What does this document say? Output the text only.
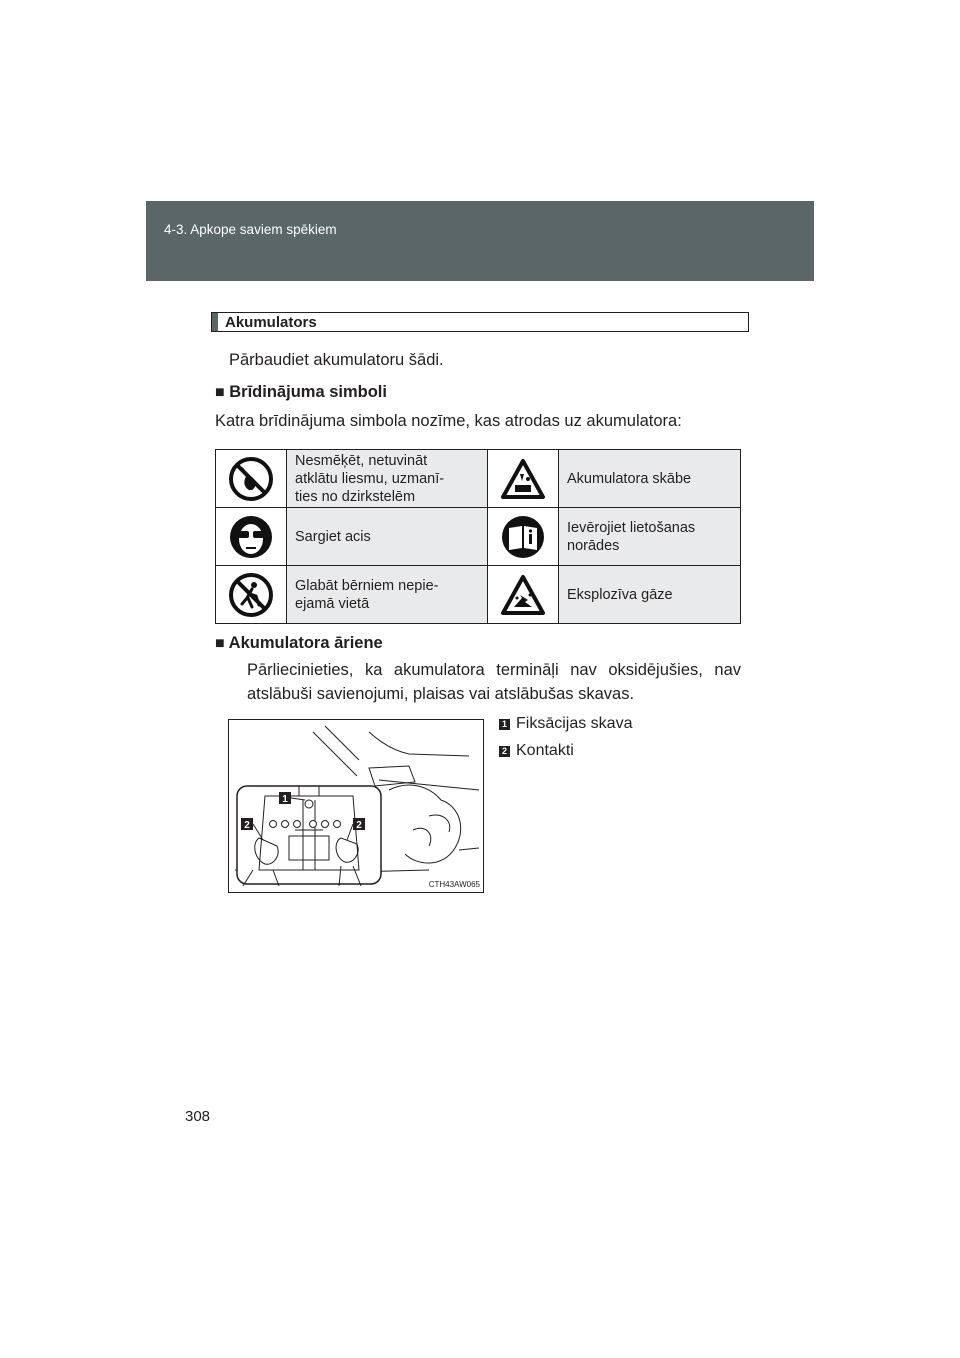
4-3. Apkope saviem spēkiem
Akumulators
Pārbaudiet akumulatoru šādi.
■ Brīdinājuma simboli
Katra brīdinājuma simbola nozīme, kas atrodas uz akumulatora:
	Nesmēķēt, netuvināt
atklātu liesmu, uzmanī-
ties no dzirkstelēm		Akumulatora skābe

	Sargiet acis		Ievērojiet lietošanas
norādes

	Glabāt bērniem nepie-
ejamā vietā		Eksplozīva gāze
■ Akumulatora āriene
Pārliecinieties, ka akumulatora termināļi nav oksidējušies, nav
atslābuši savienojumi, plaisas vai atslābušas skavas.
1
2	2
CTH43AW065
1 Fiksācijas skava
2 Kontakti
308
